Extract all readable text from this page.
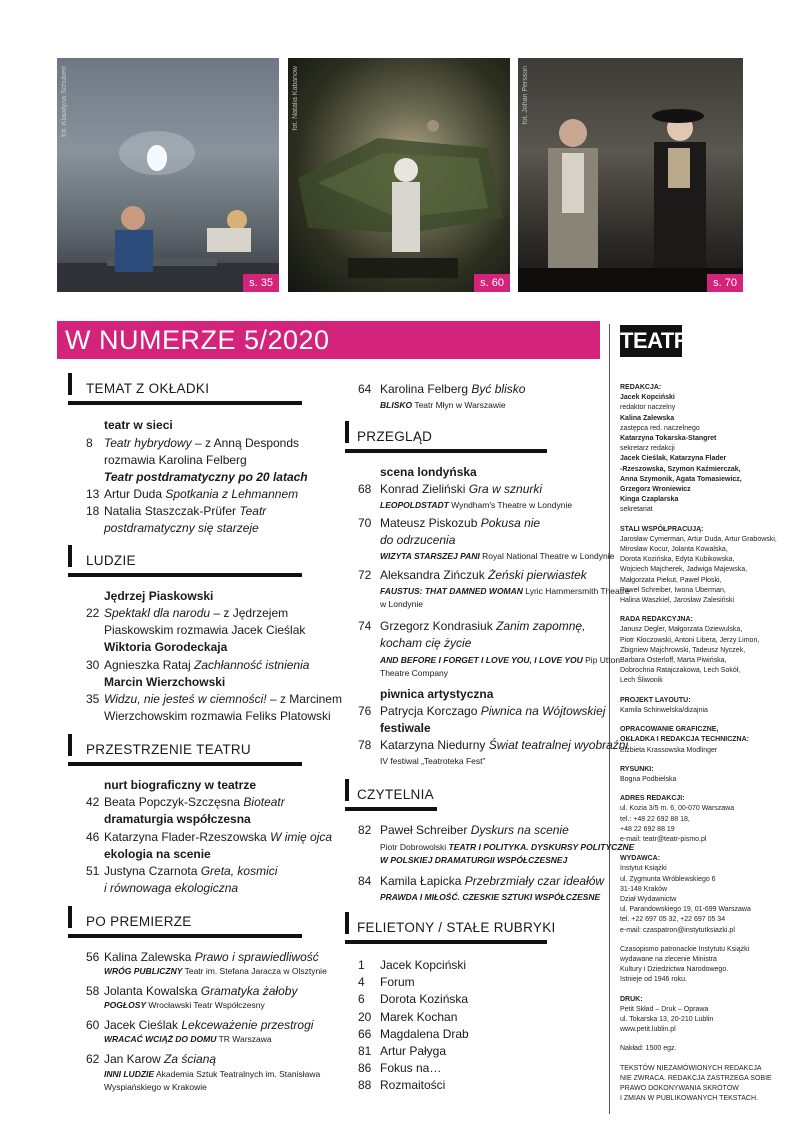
fot. Klaudyna Schubert
s. 35
fot. Natalia Kabanow
s. 60
fot. Johan Persson
s. 70
W NUMERZE 5/2020	TEATR
TEMAT Z OKŁADKI
teatr w sieci
8 Teatr hybrydowy – z Anną Desponds
rozmawia Karolina Felberg
Teatr postdramatyczny po 20 latach
13 Artur Duda Spotkania z Lehmannem
18 Natalia Staszczak-Prüfer Teatr
postdramatyczny się starzeje
LUDZIE
Jędrzej Piaskowski
22 Spektakl dla narodu – z Jędrzejem
Piaskowskim rozmawia Jacek Cieślak
Wiktoria Gorodeckaja
30 Agnieszka Rataj Zachłanność istnienia
Marcin Wierzchowski
35 Widzu, nie jesteś w ciemności! – z Marcinem
Wierzchowskim rozmawia Feliks Platowski
PRZESTRZENIE TEATRU
nurt biograficzny w teatrze
42 Beata Popczyk-Szczęsna Bioteatr
dramaturgia współczesna
46 Katarzyna Flader-Rzeszowska W imię ojca
ekologia na scenie
51 Justyna Czarnota Greta, kosmici
i równowaga ekologiczna
PO PREMIERZE
56 Kalina Zalewska Prawo i sprawiedliwość
WRÓG PUBLICZNY Teatr im. Stefana Jaracza w Olsztynie
58 Jolanta Kowalska Gramatyka żałoby
POGŁOSY Wrocławski Teatr Współczesny
60 Jacek Cieślak Lekceważenie przestrogi
WRACAĆ WCIĄŻ DO DOMU TR Warszawa
62 Jan Karow Za ścianą
INNI LUDZIE Akademia Sztuk Teatralnych im. Stanisława
Wyspiańskiego w Krakowie
64 Karolina Felberg Być blisko
BLISKO Teatr Młyn w Warszawie
PRZEGLĄD
scena londyńska
68 Konrad Zieliński Gra w sznurki
LEOPOLDSTADT Wyndham's Theatre w Londynie
70 Mateusz Piskozub Pokusa nie
do odrzucenia
WIZYTA STARSZEJ PANI Royal National Theatre w Londynie
72 Aleksandra Zińczuk Żeński pierwiastek
FAUSTUS: THAT DAMNED WOMAN Lyric Hammersmith Theatre
w Londynie
74 Grzegorz Kondrasiuk Zanim zapomnę,
kocham cię życie
AND BEFORE I FORGET I LOVE YOU, I LOVE YOU Pip Utton
Theatre Company
piwnica artystyczna
76 Patrycja Korczago Piwnica na Wójtowskiej
festiwale
78 Katarzyna Niedurny Świat teatralnej wyobraźni
IV festiwal „Teatroteka Fest”
CZYTELNIA
82 Paweł Schreiber Dyskurs na scenie
Piotr Dobrowolski TEATR I POLITYKA. DYSKURSY POLITYCZNE
W POLSKIEJ DRAMATURGII WSPÓŁCZESNEJ
84 Kamila Łapicka Przebrzmiały czar ideałów
PRAWDA I MIŁOŚĆ. CZESKIE SZTUKI WSPÓŁCZESNE
FELIETONY / STAŁE RUBRYKI
1 Jacek Kopciński
4 Forum
6 Dorota Kozińska
20 Marek Kochan
66 Magdalena Drab
81 Artur Pałyga
86 Fokus na…
88 Rozmaitości
REDAKCJA:
Jacek Kopciński
redaktor naczelny
Kalina Zalewska
zastępca red. naczelnego
Katarzyna Tokarska-Stangret
sekretarz redakcji
Jacek Cieślak, Katarzyna Flader
-Rzeszowska, Szymon Kaźmierczak,
Anna Szymonik, Agata Tomasiewicz,
Grzegorz Wroniewicz
Kinga Czaplarska
sekretariat
STALI WSPÓŁPRACUJĄ:
Jarosław Cymerman, Artur Duda, Artur Grabowski,
Mirosław Kocur, Jolanta Kowalska,
Dorota Kozińska, Edyta Kubikowska,
Wojciech Majcherek, Jadwiga Majewska,
Małgorzata Piekut, Paweł Płoski,
Paweł Schreiber, Iwona Uberman,
Halina Waszkiel, Jarosław Zalesiński
RADA REDAKCYJNA:
Janusz Degler, Małgorzata Dziewulska,
Piotr Kłoczowski, Antoni Libera, Jerzy Limon,
Zbigniew Majchrowski, Tadeusz Nyczek,
Barbara Osterloff, Marta Piwińska,
Dobrochna Ratajczakowa, Lech Sokół,
Lech Śliwonik
PROJEKT LAYOUTU:
Kamila Schinwelska/dizajnia
OPRACOWANIE GRAFICZNE,
OKŁADKA I REDAKCJA TECHNICZNA:
Elżbieta Krassowska Modlinger
RYSUNKI:
Bogna Podbielska
ADRES REDAKCJI:
ul. Kozia 3/5 m. 6, 00-070 Warszawa
tel.: +48 22 692 88 18,
+48 22 692 88 19
e-mail: teatr@teatr-pismo.pl
WYDAWCA:
Instytut Książki
ul. Zygmunta Wróblewskiego 6
31-148 Kraków
Dział Wydawnictw
ul. Parandowskiego 19, 01-699 Warszawa
tel. +22 697 05 32, +22 697 05 34
e-mail: czaspatron@instytutksiazki.pl
Czasopismo patronackie Instytutu Książki
wydawane na zlecenie Ministra
Kultury i Dziedzictwa Narodowego.
Istnieje od 1946 roku.
DRUK:
Petit Skład – Druk – Oprawa
ul. Tokarska 13, 20-210 Lublin
www.petit.lublin.pl
Nakład: 1500 egz.
TEKSTÓW NIEZAMÓWIONYCH REDAKCJA
NIE ZWRACA. REDAKCJA ZASTRZEGA SOBIE
PRAWO DOKONYWANIA SKRÓTÓW
I ZMIAN W PUBLIKOWANYCH TEKSTACH.
